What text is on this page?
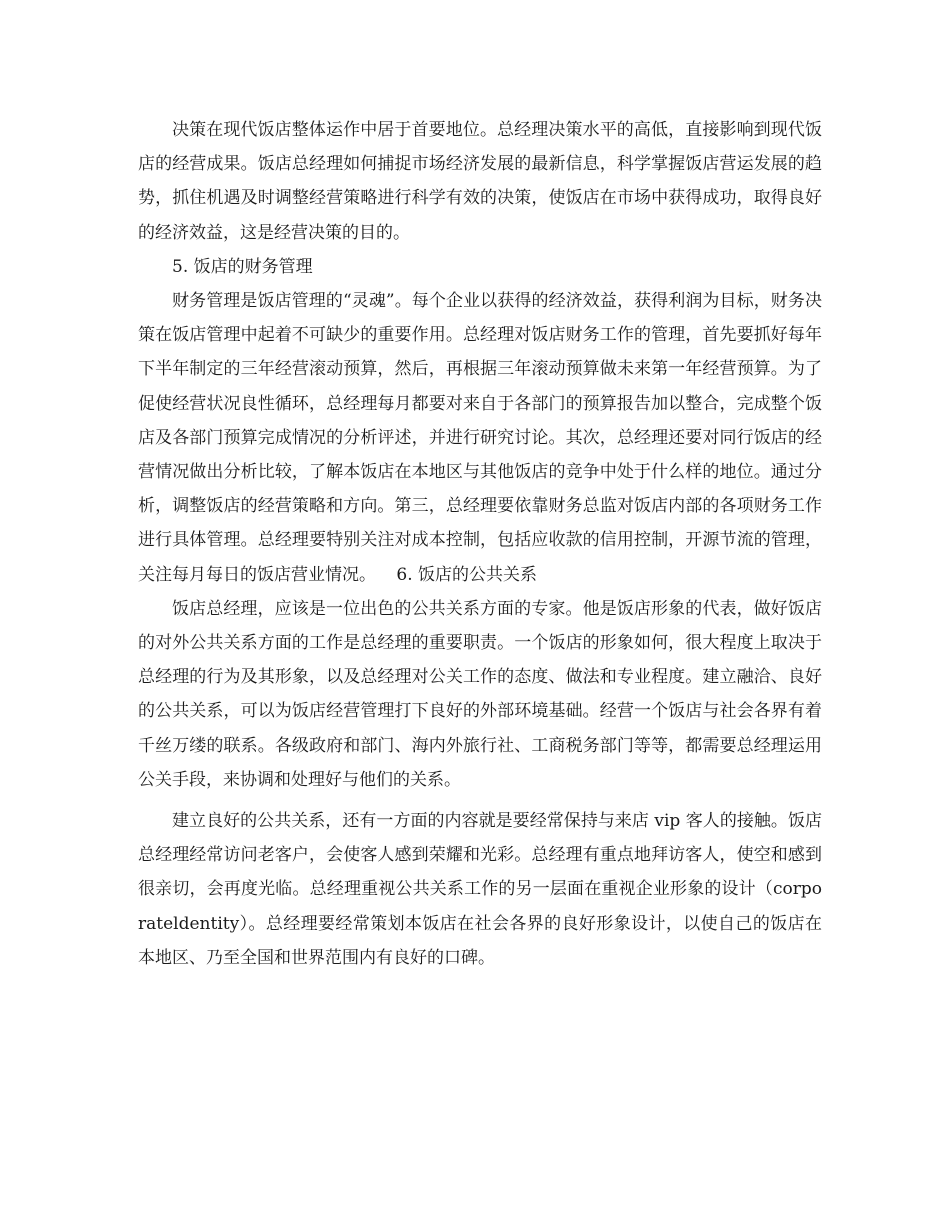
决策在现代饭店整体运作中居于首要地位。总经理决策水平的高低，直接影响到现代饭店的经营成果。饭店总经理如何捕捉市场经济发展的最新信息，科学掌握饭店营运发展的趋势，抓住机遇及时调整经营策略进行科学有效的决策，使饭店在市场中获得成功，取得良好的经济效益，这是经营决策的目的。

5. 饭店的财务管理

财务管理是饭店管理的“灵魂”。每个企业以获得的经济效益，获得利润为目标，财务决策在饭店管理中起着不可缺少的重要作用。总经理对饭店财务工作的管理，首先要抓好每年下半年制定的三年经营滚动预算，然后，再根据三年滚动预算做未来第一年经营预算。为了促使经营状况良性循环，总经理每月都要对来自于各部门的预算报告加以整合，完成整个饭店及各部门预算完成情况的分析评述，并进行研究讨论。其次，总经理还要对同行饭店的经营情况做出分析比较，了解本饭店在本地区与其他饭店的竞争中处于什么样的地位。通过分析，调整饭店的经营策略和方向。第三，总经理要依靠财务总监对饭店内部的各项财务工作进行具体管理。总经理要特别关注对成本控制，包括应收款的信用控制，开源节流的管理，关注每月每日的饭店营业情况。 6. 饭店的公共关系

饭店总经理，应该是一位出色的公共关系方面的专家。他是饭店形象的代表，做好饭店的对外公共关系方面的工作是总经理的重要职责。一个饭店的形象如何，很大程度上取决于总经理的行为及其形象，以及总经理对公关工作的态度、做法和专业程度。建立融洽、良好的公共关系，可以为饭店经营管理打下良好的外部环境基础。经营一个饭店与社会各界有着千丝万缕的联系。各级政府和部门、海内外旅行社、工商税务部门等等，都需要总经理运用公关手段，来协调和处理好与他们的关系。

建立良好的公共关系，还有一方面的内容就是要经常保持与来店 vip 客人的接触。饭店总经理经常访问老客户，会使客人感到荣耀和光彩。总经理有重点地拜访客人，使空和感到很亲切，会再度光临。总经理重视公共关系工作的另一层面在重视企业形象的设计（corporateldentity）。总经理要经常策划本饭店在社会各界的良好形象设计，以使自己的饭店在本地区、乃至全国和世界范围内有良好的口碑。
